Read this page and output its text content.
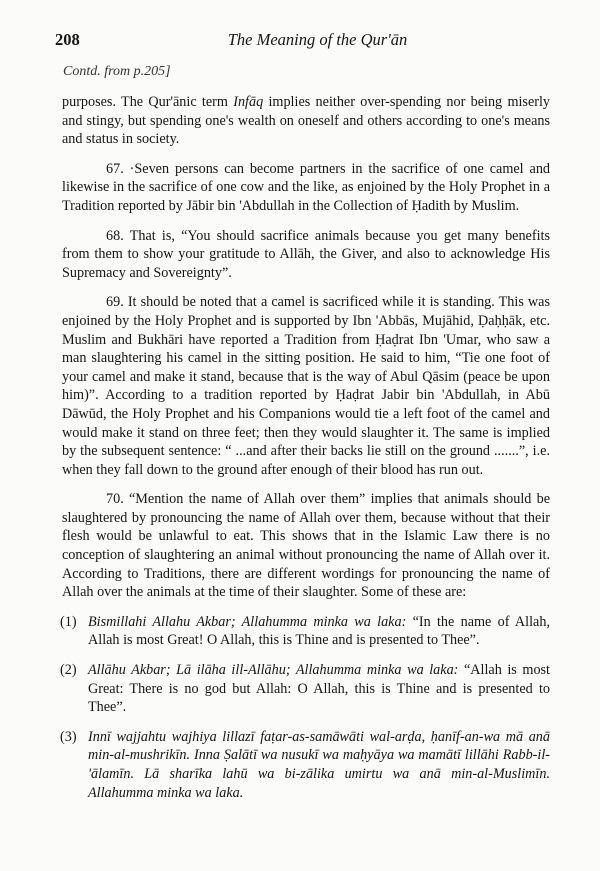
208	The Meaning of the Qur'ān
Contd. from p.205]

purposes. The Qur'ānic term Infāq implies neither over-spending nor being miserly and stingy, but spending one's wealth on oneself and others according to one's means and status in society.

67. ·Seven persons can become partners in the sacrifice of one camel and likewise in the sacrifice of one cow and the like, as enjoined by the Holy Prophet in a Tradition reported by Jābir bin 'Abdullah in the Collection of Ḥadith by Muslim.

68. That is, “You should sacrifice animals because you get many benefits from them to show your gratitude to Allāh, the Giver, and also to acknowledge His Supremacy and Sovereignty”.

69. It should be noted that a camel is sacrificed while it is standing. This was enjoined by the Holy Prophet and is supported by Ibn 'Abbās, Mujāhid, Ḍaḥḥāk, etc. Muslim and Bukhāri have reported a Tradition from Ḥaḍrat Ibn 'Umar, who saw a man slaughtering his camel in the sitting position. He said to him, “Tie one foot of your camel and make it stand, because that is the way of Abul Qāsim (peace be upon him)”. According to a tradition reported by Ḥaḍrat Jabir bin 'Abdullah, in Abū Dāwūd, the Holy Prophet and his Companions would tie a left foot of the camel and would make it stand on three feet; then they would slaughter it. The same is implied by the subsequent sentence: “ ...and after their backs lie still on the ground .......”, i.e. when they fall down to the ground after enough of their blood has run out.

70. “Mention the name of Allah over them” implies that animals should be slaughtered by pronouncing the name of Allah over them, because without that their flesh would be unlawful to eat. This shows that in the Islamic Law there is no conception of slaughtering an animal without pronouncing the name of Allah over it. According to Traditions, there are different wordings for pronouncing the name of Allah over the animals at the time of their slaughter. Some of these are:

(1) Bismillahi Allahu Akbar; Allahumma minka wa laka: “In the name of Allah, Allah is most Great! O Allah, this is Thine and is presented to Thee”.
(2) Allāhu Akbar; Lā ilāha ill-Allāhu; Allahumma minka wa laka: “Allah is most Great: There is no god but Allah: O Allah, this is Thine and is presented to Thee”.
(3) Innī wajjahtu wajhiya lillazī faṭar-as-samāwāti wal-arḍa, ḥanīf-an-wa mā anā min-al-mushrikīn. Inna Ṣalātī wa nusukī wa maḥyāya wa mamātī lillāhi Rabb-il-'ālamīn. Lā sharīka lahū wa bi-zālika umirtu wa anā min-al-Muslimīn. Allahumma minka wa laka.
